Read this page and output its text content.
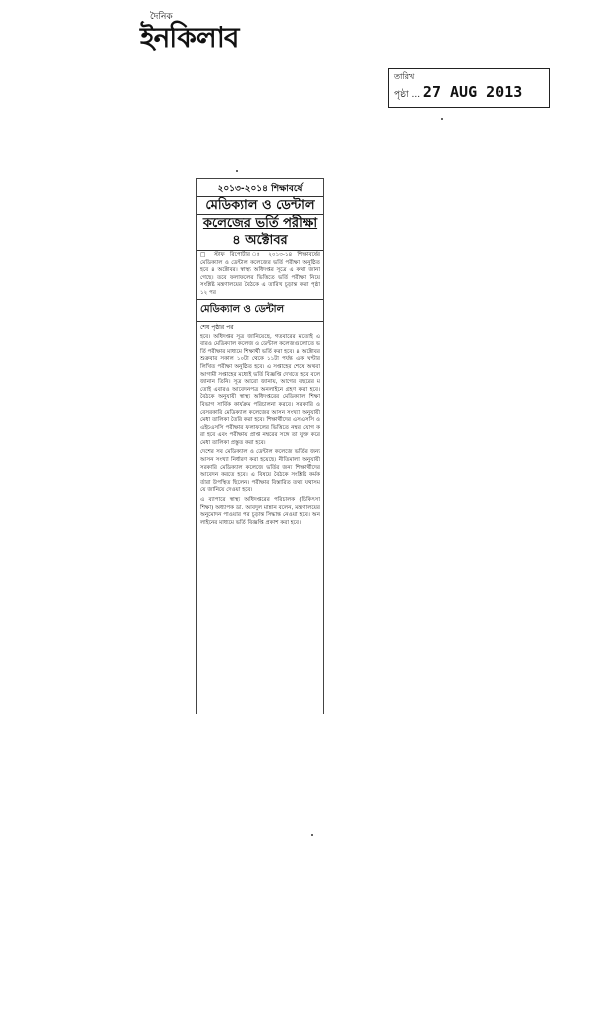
দৈনিক
ইনকিলাব
তারিখ
পৃষ্ঠা ... 27 AUG 2013
২০১৩-২০১৪ শিক্ষাবর্ষে
মেডিক্যাল ও ডেন্টাল
কলেজের ভর্তি পরীক্ষা
৪ অক্টোবর
□ স্টাফ রিপোর্টার ঃ ২০১৩-১৪ শিক্ষাবর্ষের মেডিক্যাল ও ডেন্টাল কলেজের ভর্তি পরীক্ষা অনুষ্ঠিত হবে ৪ অক্টোবর। স্বাস্থ্য অধিদপ্তর সূত্রে এ কথা জানা গেছে। তবে ফলাফলের ভিত্তিতে ভর্তি পরীক্ষা নিয়ে সংশ্লিষ্ট মন্ত্রণালয়ের বৈঠকে এ তারিখ চূড়ান্ত করা পৃষ্ঠা ১২ পর
মেডিক্যাল ও ডেন্টাল
শেষ পৃষ্ঠার পর
হবে। অধিদপ্তর সূত্র জানিয়েছে, গতবারের মতোই এবারও মেডিক্যাল কলেজ ও ডেন্টাল কলেজগুলোতে ভর্তি পরীক্ষার মাধ্যমে শিক্ষার্থী ভর্তি করা হবে। ৪ অক্টোবর শুক্রবার সকাল ১০টা থেকে ১১টা পর্যন্ত এক ঘণ্টার লিখিত পরীক্ষা অনুষ্ঠিত হবে। এ সপ্তাহের শেষে অথবা আগামী সপ্তাহের মধ্যেই ভর্তি বিজ্ঞপ্তি দেখতে হবে বলে জানান তিনি। সূত্র আরো জানায়, আগের বছরের মতোই এবারও আবেদনপত্র অনলাইনে গ্রহণ করা হবে। বৈঠকে অনুযায়ী স্বাস্থ্য অধিদপ্তরের মেডিক্যাল শিক্ষা বিভাগ সার্বিক কার্যক্রম পরিচালনা করবে। সরকারি ও বেসরকারি মেডিক্যাল কলেজের আসন সংখ্যা অনুযায়ী মেধা তালিকা তৈরি করা হবে। শিক্ষার্থীদের এসএসসি ও এইচএসসি পরীক্ষার ফলাফলের ভিত্তিতে নম্বর যোগ করা হবে এবং পরীক্ষায় প্রাপ্ত নম্বরের সঙ্গে তা যুক্ত করে মেধা তালিকা প্রস্তুত করা হবে।
দেশের সব মেডিক্যাল ও ডেন্টাল কলেজে ভর্তির জন্য আসন সংখ্যা নির্ধারণ করা হয়েছে। নীতিমালা অনুযায়ী সরকারি মেডিক্যাল কলেজে ভর্তির জন্য শিক্ষার্থীদের আবেদন করতে হবে। এ বিষয়ে বৈঠকে সংশ্লিষ্ট কর্মকর্তারা উপস্থিত ছিলেন। পরীক্ষার বিস্তারিত তথ্য যথাসময়ে জানিয়ে দেওয়া হবে।
এ ব্যাপারে স্বাস্থ্য অধিদপ্তরের পরিচালক (চিকিৎসা শিক্ষা) অধ্যাপক ডা. আবদুল মান্নান বলেন, মন্ত্রণালয়ের অনুমোদন পাওয়ার পর চূড়ান্ত সিদ্ধান্ত নেওয়া হবে। অনলাইনের মাধ্যমে ভর্তি বিজ্ঞপ্তি প্রকাশ করা হবে।
